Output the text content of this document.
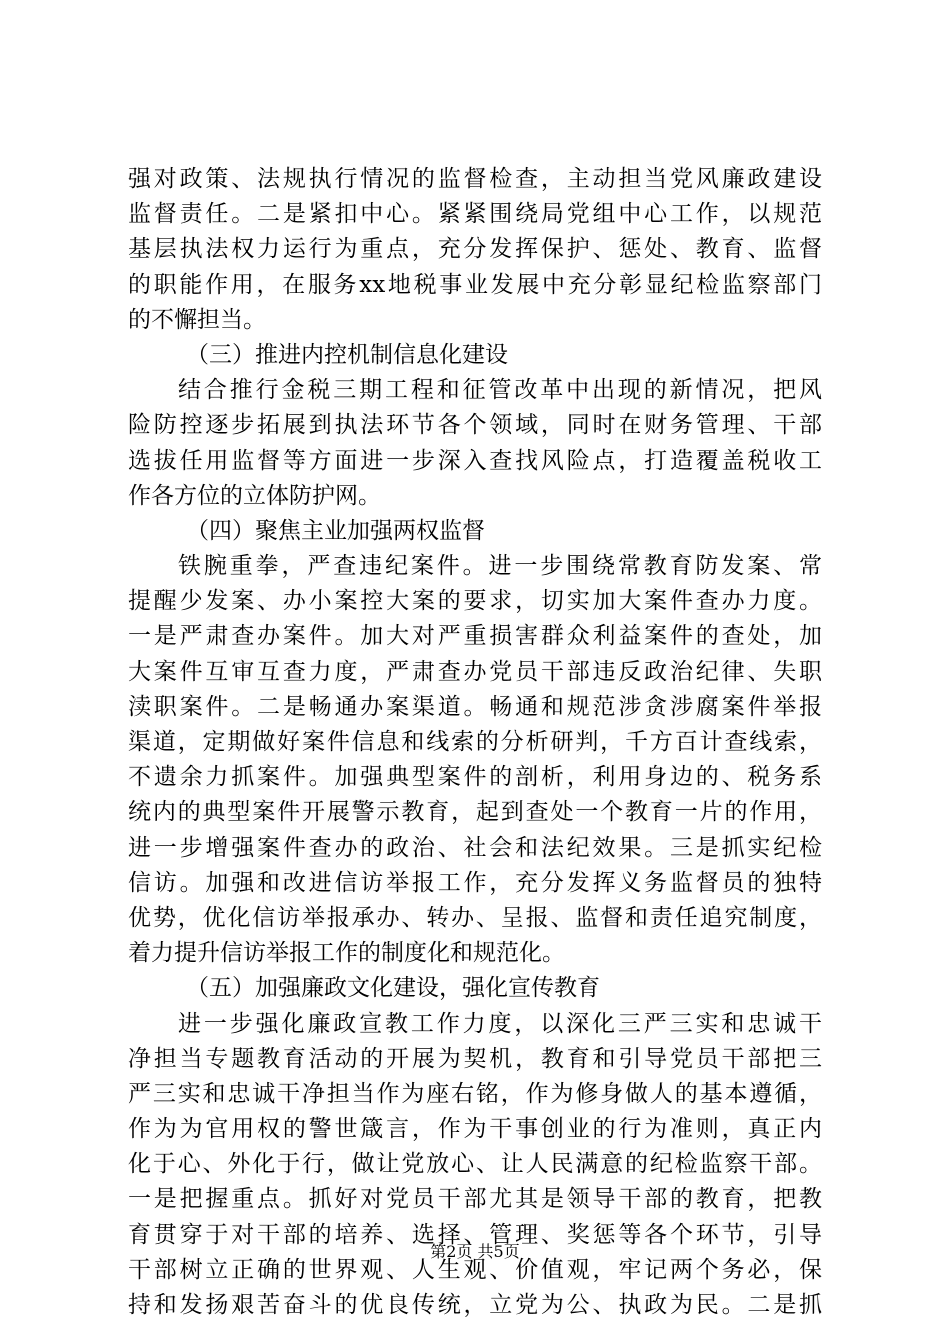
强对政策、法规执行情况的监督检查，主动担当党风廉政建设
监督责任。二是紧扣中心。紧紧围绕局党组中心工作，以规范
基层执法权力运行为重点，充分发挥保护、惩处、教育、监督
的职能作用，在服务xx地税事业发展中充分彰显纪检监察部门
的不懈担当。
（三）推进内控机制信息化建设
结合推行金税三期工程和征管改革中出现的新情况，把风
险防控逐步拓展到执法环节各个领域，同时在财务管理、干部
选拔任用监督等方面进一步深入查找风险点，打造覆盖税收工
作各方位的立体防护网。
（四）聚焦主业加强两权监督
铁腕重拳，严查违纪案件。进一步围绕常教育防发案、常
提醒少发案、办小案控大案的要求，切实加大案件查办力度。
一是严肃查办案件。加大对严重损害群众利益案件的查处，加
大案件互审互查力度，严肃查办党员干部违反政治纪律、失职
渎职案件。二是畅通办案渠道。畅通和规范涉贪涉腐案件举报
渠道，定期做好案件信息和线索的分析研判，千方百计查线索，
不遗余力抓案件。加强典型案件的剖析，利用身边的、税务系
统内的典型案件开展警示教育，起到查处一个教育一片的作用，
进一步增强案件查办的政治、社会和法纪效果。三是抓实纪检
信访。加强和改进信访举报工作，充分发挥义务监督员的独特
优势，优化信访举报承办、转办、呈报、监督和责任追究制度，
着力提升信访举报工作的制度化和规范化。
（五）加强廉政文化建设，强化宣传教育
进一步强化廉政宣教工作力度，以深化三严三实和忠诚干
净担当专题教育活动的开展为契机，教育和引导党员干部把三
严三实和忠诚干净担当作为座右铭，作为修身做人的基本遵循，
作为为官用权的警世箴言，作为干事创业的行为准则，真正内
化于心、外化于行，做让党放心、让人民满意的纪检监察干部。
一是把握重点。抓好对党员干部尤其是领导干部的教育，把教
育贯穿于对干部的培养、选择、管理、奖惩等各个环节，引导
干部树立正确的世界观、人生观、价值观，牢记两个务必，保
持和发扬艰苦奋斗的优良传统，立党为公、执政为民。二是抓
第2页 共5页
